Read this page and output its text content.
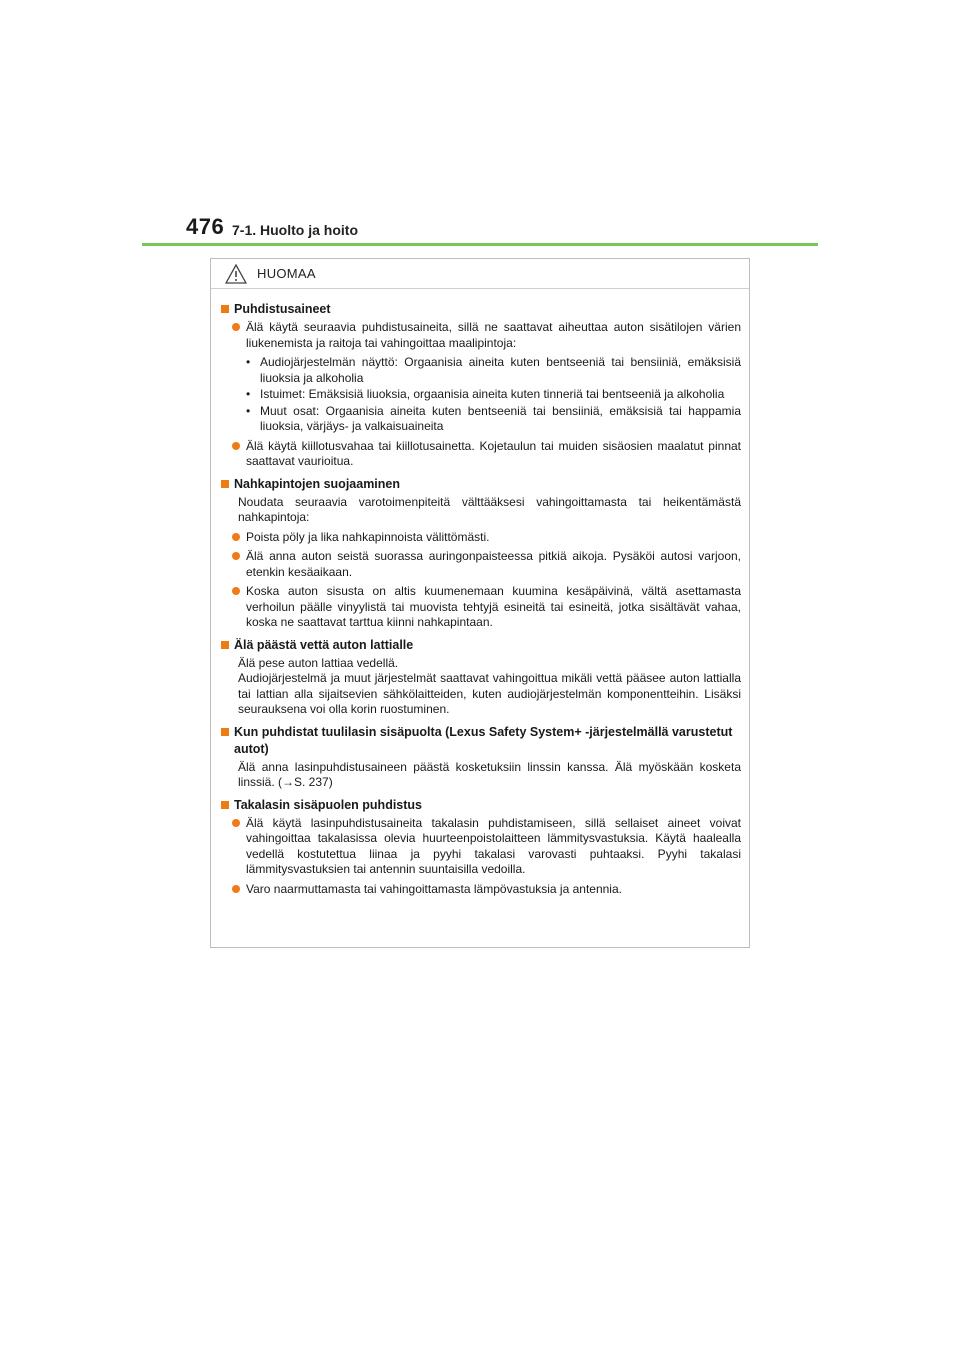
476 7-1. Huolto ja hoito
HUOMAA
Puhdistusaineet
Älä käytä seuraavia puhdistusaineita, sillä ne saattavat aiheuttaa auton sisätilojen värien liukenemista ja raitoja tai vahingoittaa maalipintoja:
• Audiojärjestelmän näyttö: Orgaanisia aineita kuten bentseeniä tai bensiiniä, emäksisiä liuoksia ja alkoholia
• Istuimet: Emäksisiä liuoksia, orgaanisia aineita kuten tinneriä tai bentseeniä ja alkoholia
• Muut osat: Orgaanisia aineita kuten bentseeniä tai bensiiniä, emäksisiä tai happamia liuoksia, värjäys- ja valkaisuaineita
Älä käytä kiillotusvahaa tai kiillotusainetta. Kojetaulun tai muiden sisäosien maalatut pinnat saattavat vaurioitua.
Nahkapintojen suojaaminen
Noudata seuraavia varotoimenpiteitä välttääksesi vahingoittamasta tai heikentämästä nahkapintoja:
Poista pöly ja lika nahkapinnoista välittömästi.
Älä anna auton seistä suorassa auringonpaisteessa pitkiä aikoja. Pysäköi autosi varjoon, etenkin kesäaikaan.
Koska auton sisusta on altis kuumenemaan kuumina kesäpäivinä, vältä asettamasta verhoilun päälle vinyylistä tai muovista tehtyjä esineitä tai esineitä, jotka sisältävät vahaa, koska ne saattavat tarttua kiinni nahkapintaan.
Älä päästä vettä auton lattialle
Älä pese auton lattiaa vedellä.
Audiojärjestelmä ja muut järjestelmät saattavat vahingoittua mikäli vettä pääsee auton lattialla tai lattian alla sijaitsevien sähkölaitteiden, kuten audiojärjestelmän komponentteihin. Lisäksi seurauksena voi olla korin ruostuminen.
Kun puhdistat tuulilasin sisäpuolta (Lexus Safety System+ -järjestelmällä varustetut autot)
Älä anna lasinpuhdistusaineen päästä kosketuksiin linssin kanssa. Älä myöskään kosketa linssiä. (→S. 237)
Takalasin sisäpuolen puhdistus
Älä käytä lasinpuhdistusaineita takalasin puhdistamiseen, sillä sellaiset aineet voivat vahingoittaa takalasissa olevia huurteenpoistolaitteen lämmitysvastuksia. Käytä haalealla vedellä kostutettua liinaa ja pyyhi takalasi varovasti puhtaaksi. Pyyhi takalasi lämmitysvastuksien tai antennin suuntaisilla vedoilla.
Varo naarmuttamasta tai vahingoittamasta lämpövastuksia ja antennia.
